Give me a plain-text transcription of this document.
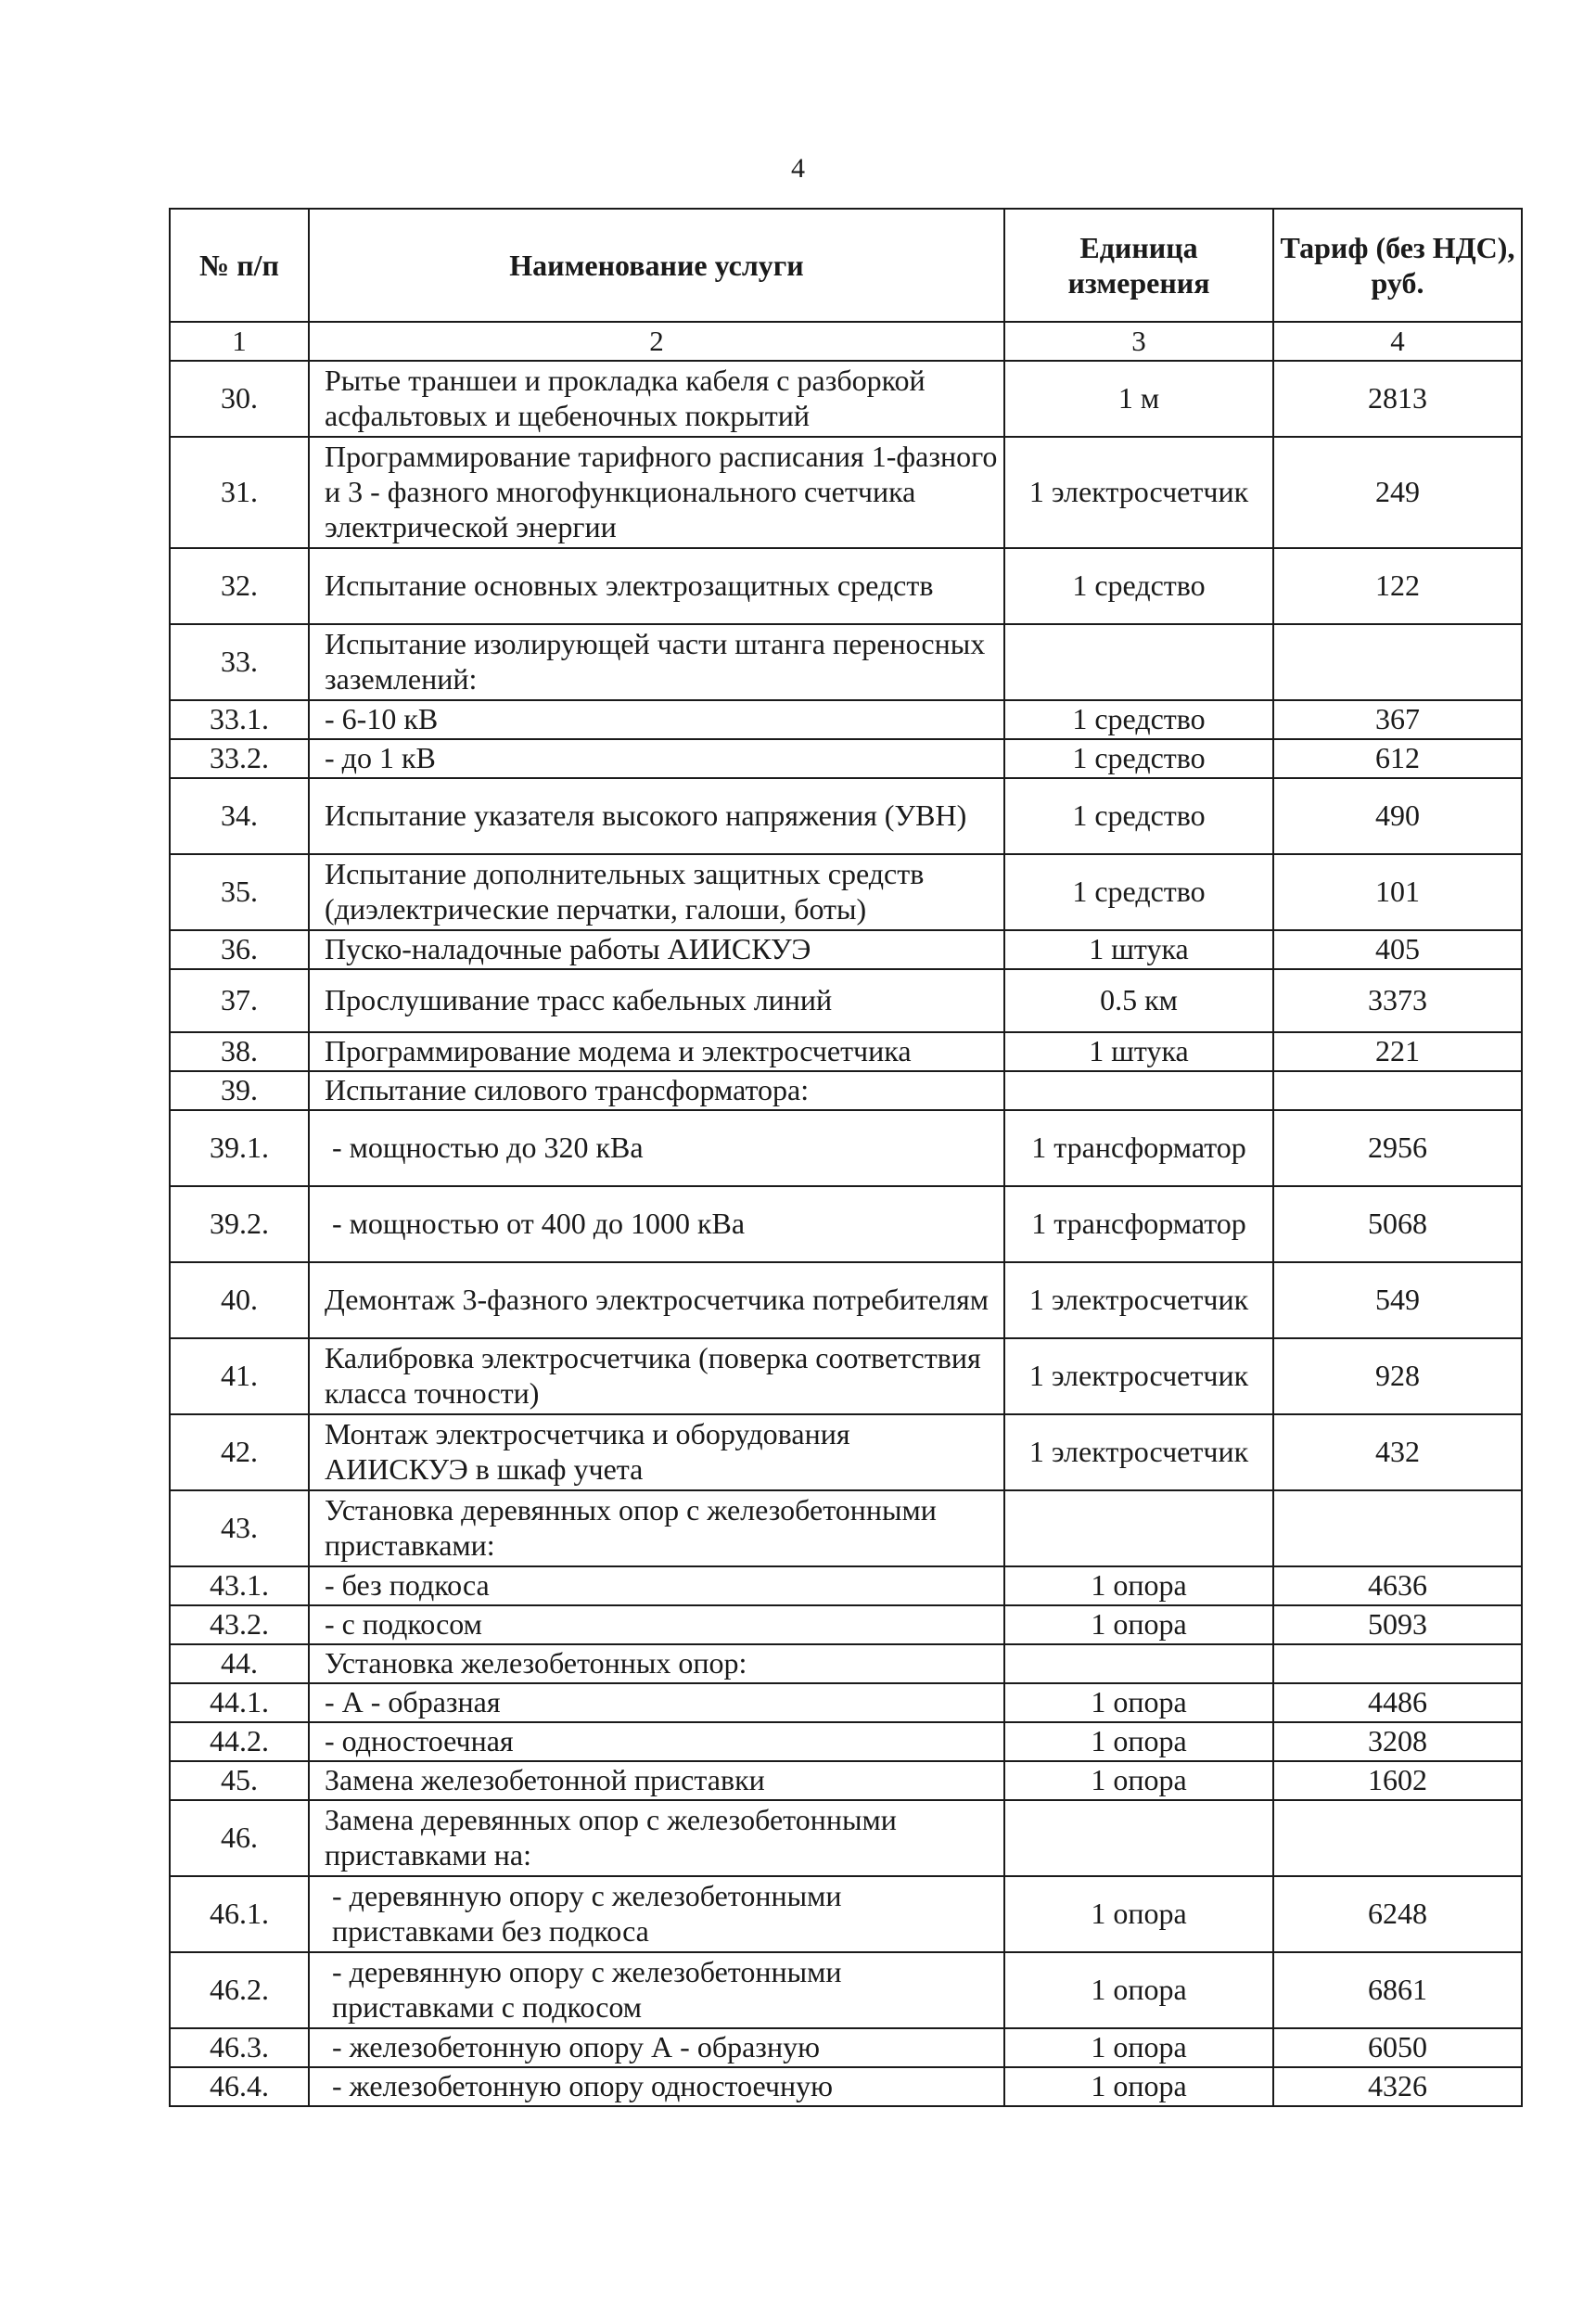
4
№ п/п	Наименование услуги	Единица измерения	Тариф (без НДС), руб.
1	2	3	4
30.	Рытье траншеи и прокладка кабеля с разборкой асфальтовых и щебеночных покрытий	1 м	2813
31.	Программирование тарифного расписания 1-фазного и 3 - фазного многофункционального счетчика электрической энергии	1 электросчетчик	249
32.	Испытание основных электрозащитных средств	1 средство	122
33.	Испытание изолирующей части штанга переносных заземлений:		
33.1.	- 6-10 кВ	1 средство	367
33.2.	- до 1 кВ	1 средство	612
34.	Испытание указателя высокого напряжения (УВН)	1 средство	490
35.	Испытание дополнительных защитных средств (диэлектрические перчатки, галоши, боты)	1 средство	101
36.	Пуско-наладочные работы АИИСКУЭ	1 штука	405
37.	Прослушивание трасс кабельных линий	0.5 км	3373
38.	Программирование модема и электросчетчика	1 штука	221
39.	Испытание силового трансформатора:		
39.1.	- мощностью до 320 кВа	1 трансформатор	2956
39.2.	- мощностью от 400 до 1000 кВа	1 трансформатор	5068
40.	Демонтаж 3-фазного электросчетчика потребителям	1 электросчетчик	549
41.	Калибровка электросчетчика (поверка соответствия класса точности)	1 электросчетчик	928
42.	Монтаж электросчетчика и оборудования АИИСКУЭ в шкаф учета	1 электросчетчик	432
43.	Установка деревянных опор с железобетонными приставками:		
43.1.	- без подкоса	1 опора	4636
43.2.	- с подкосом	1 опора	5093
44.	Установка железобетонных опор:		
44.1.	- А - образная	1 опора	4486
44.2.	- одностоечная	1 опора	3208
45.	Замена железобетонной приставки	1 опора	1602
46.	Замена деревянных опор с железобетонными приставками на:		
46.1.	- деревянную опору с железобетонными приставками без подкоса	1 опора	6248
46.2.	- деревянную опору с железобетонными приставками с подкосом	1 опора	6861
46.3.	- железобетонную опору А - образную	1 опора	6050
46.4.	- железобетонную опору одностоечную	1 опора	4326
